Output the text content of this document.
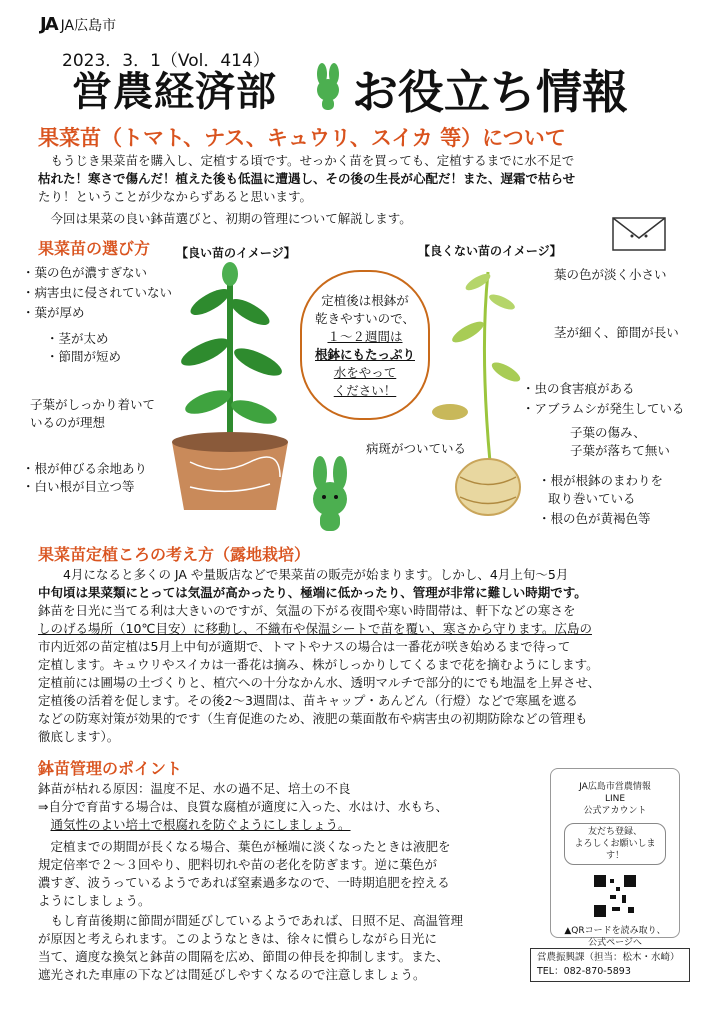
JA JA広島市
2023．3．1（Vol．414）
営農経済部 お役立ち情報
果菜苗（トマト、ナス、キュウリ、スイカ 等）について
もうじき果菜苗を購入し、定植する頃です。せっかく苗を買っても、定植するまでに水不足で
枯れた！寒さで傷んだ！植えた後も低温に遭遇し、その後の生長が心配だ！また、遅霜で枯らせ
たり！ということが少なからずあると思います。
今回は果菜の良い鉢苗選びと、初期の管理について解説します。
果菜苗の選び方 【良い苗のイメージ】	【良くない苗のイメージ】
・葉の色が濃すぎない
・病害虫に侵されていない
・葉が厚め
・茎が太め
・節間が短め
子葉がしっかり着いて
いるのが理想
・根が伸びる余地あり
・白い根が目立つ等
定植後は根鉢が
乾きやすいので、
１～２週間は
根鉢にもたっぷり
水をやって
ください！
葉の色が淡く小さい
茎が細く、節間が長い
・虫の食害痕がある
・アブラムシが発生している
子葉の傷み、
子葉が落ちて無い
病斑がついている
・根が根鉢のまわりを
取り巻いている
・根の色が黄褐色等
果菜苗定植ころの考え方（露地栽培）
4月になると多くの JA や量販店などで果菜苗の販売が始まります。しかし、4月上旬～5月
中旬頃は果菜類にとっては気温が高かったり、極端に低かったり、管理が非常に難しい時期です。
鉢苗を日光に当てる利は大きいのですが、気温の下がる夜間や寒い時間帯は、軒下などの寒さを
しのげる場所（10℃目安）に移動し、不織布や保温シートで苗を覆い、寒さから守ります。広島の
市内近郊の苗定植は5月上中旬が適期で、トマトやナスの場合は一番花が咲き始めるまで待って
定植します。キュウリやスイカは一番花は摘み、株がしっかりしてくるまで花を摘むようにします。
定植前には圃場の土づくりと、植穴への十分なかん水、透明マルチで部分的にでも地温を上昇させ、
定植後の活着を促します。その後2～3週間は、苗キャップ・あんどん（行燈）などで寒風を遮る
などの防寒対策が効果的です（生育促進のため、液肥の葉面散布や病害虫の初期防除などの管理も
徹底します）。
鉢苗管理のポイント
鉢苗が枯れる原因：温度不足、水の過不足、培土の不良
⇒自分で育苗する場合は、良質な腐植が適度に入った、水はけ、水もち、
通気性のよい培土で根腐れを防ぐようにしましょう。
定植までの期間が長くなる場合、葉色が極端に淡くなったときは液肥を
規定倍率で２～３回やり、肥料切れや苗の老化を防ぎます。逆に葉色が
濃すぎ、波うっているようであれば窒素過多なので、一時期追肥を控える
ようにしましょう。
もし育苗後期に節間が間延びしているようであれば、日照不足、高温管理
が原因と考えられます。このようなときは、徐々に慣らしながら日光に
当て、適度な換気と鉢苗の間隔を広め、節間の伸長を抑制します。また、
遮光された車庫の下などは間延びしやすくなるので注意しましょう。
JA広島市営農情報
LINE
公式アカウント
友だち登録、
よろしくお願いします！
▲QRコードを読み取り、
公式ページへ
営農振興課（担当：松木・水崎）
TEL：082-870-5893
